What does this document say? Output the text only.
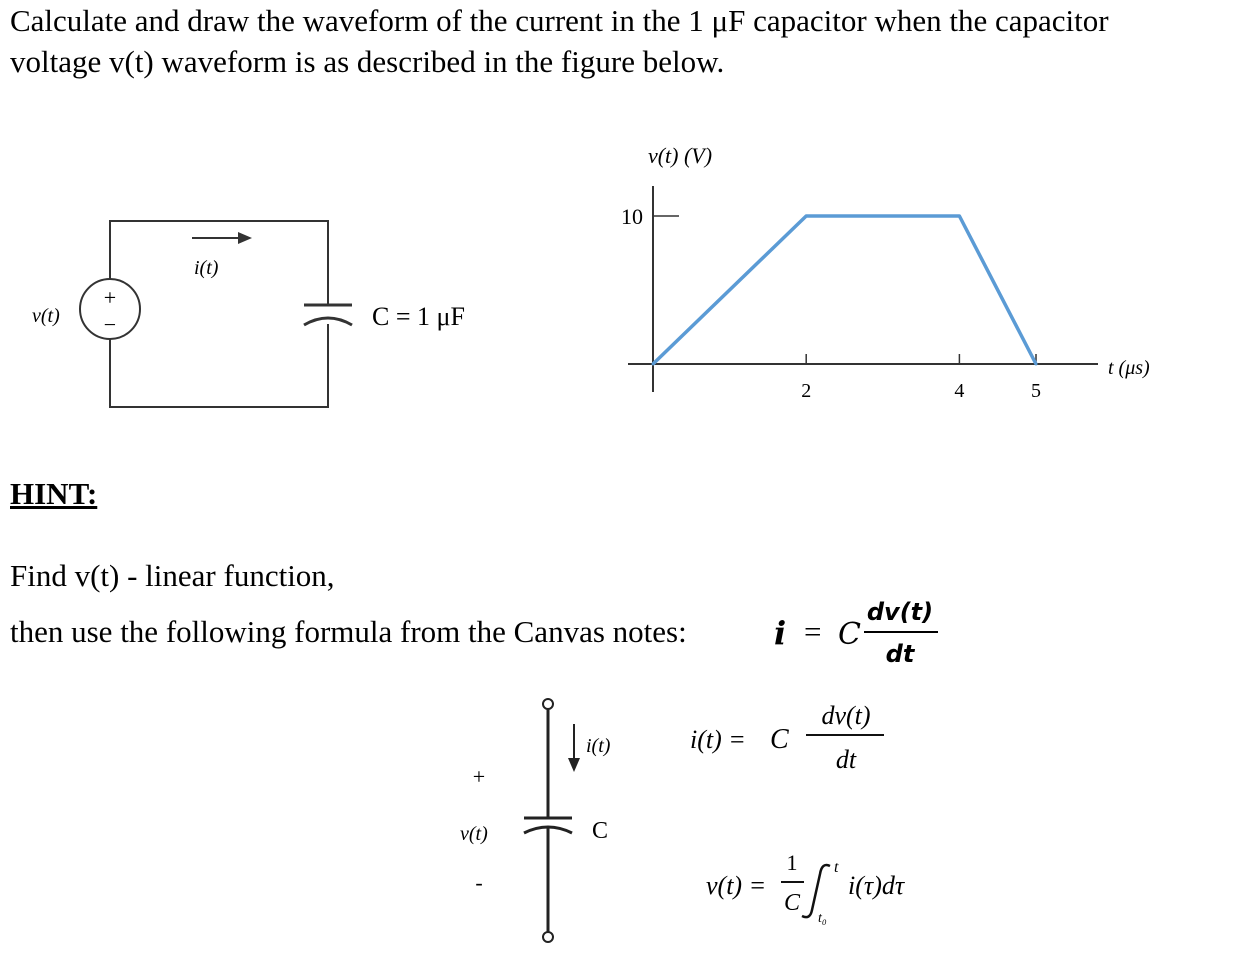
Calculate and draw the waveform of the current in the 1 μF capacitor when the capacitor

voltage v(t) waveform is as described in the figure below.

+
−
v(t)
i(t)
C = 1 μF
v(t) (V)
t (μs)
2	4	5
10
+
-
v(t)
i(t)
C
i(t) = C
dv(t)
dt
v(t) =
1
C
t
t₀
i(τ)dτ
HINT:
Find v(t) - linear function,
then use the following formula from the Canvas notes:	i = C
dv(t)
dt
